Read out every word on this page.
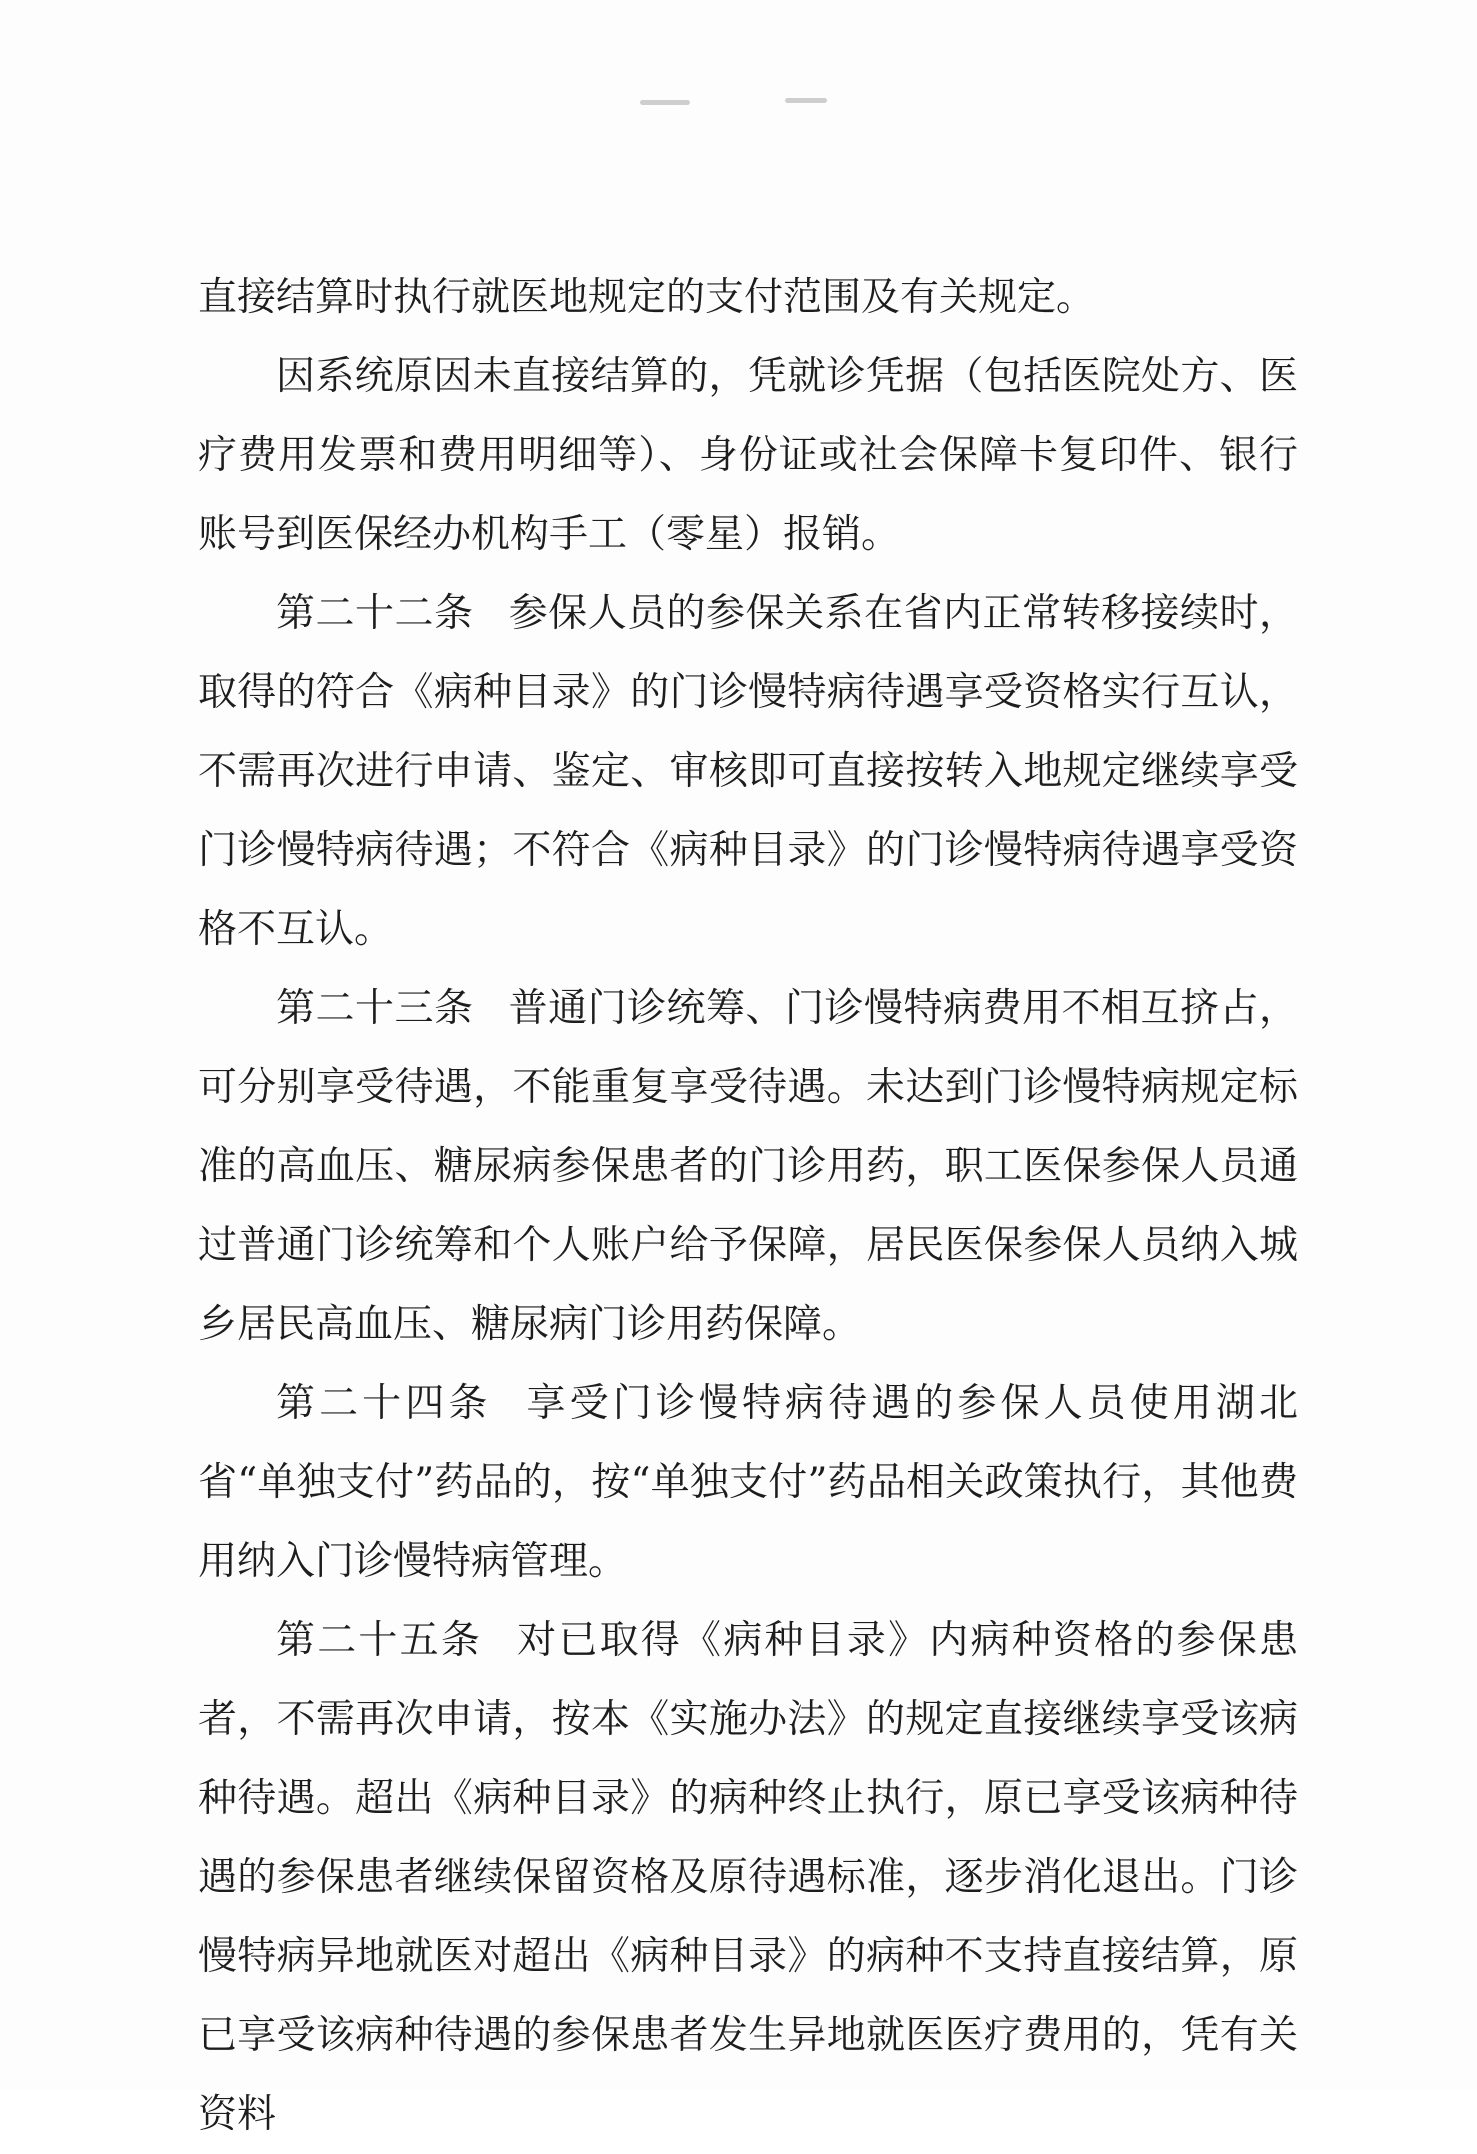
直接结算时执行就医地规定的支付范围及有关规定。

因系统原因未直接结算的，凭就诊凭据（包括医院处方、医疗费用发票和费用明细等）、身份证或社会保障卡复印件、银行账号到医保经办机构手工（零星）报销。

第二十二条 参保人员的参保关系在省内正常转移接续时，取得的符合《病种目录》的门诊慢特病待遇享受资格实行互认，不需再次进行申请、鉴定、审核即可直接按转入地规定继续享受门诊慢特病待遇；不符合《病种目录》的门诊慢特病待遇享受资格不互认。

第二十三条 普通门诊统筹、门诊慢特病费用不相互挤占，可分别享受待遇，不能重复享受待遇。未达到门诊慢特病规定标准的高血压、糖尿病参保患者的门诊用药，职工医保参保人员通过普通门诊统筹和个人账户给予保障，居民医保参保人员纳入城乡居民高血压、糖尿病门诊用药保障。

第二十四条 享受门诊慢特病待遇的参保人员使用湖北省“单独支付”药品的，按“单独支付”药品相关政策执行，其他费用纳入门诊慢特病管理。

第二十五条 对已取得《病种目录》内病种资格的参保患者，不需再次申请，按本《实施办法》的规定直接继续享受该病种待遇。超出《病种目录》的病种终止执行，原已享受该病种待遇的参保患者继续保留资格及原待遇标准，逐步消化退出。门诊慢特病异地就医对超出《病种目录》的病种不支持直接结算，原已享受该病种待遇的参保患者发生异地就医医疗费用的，凭有关资料
